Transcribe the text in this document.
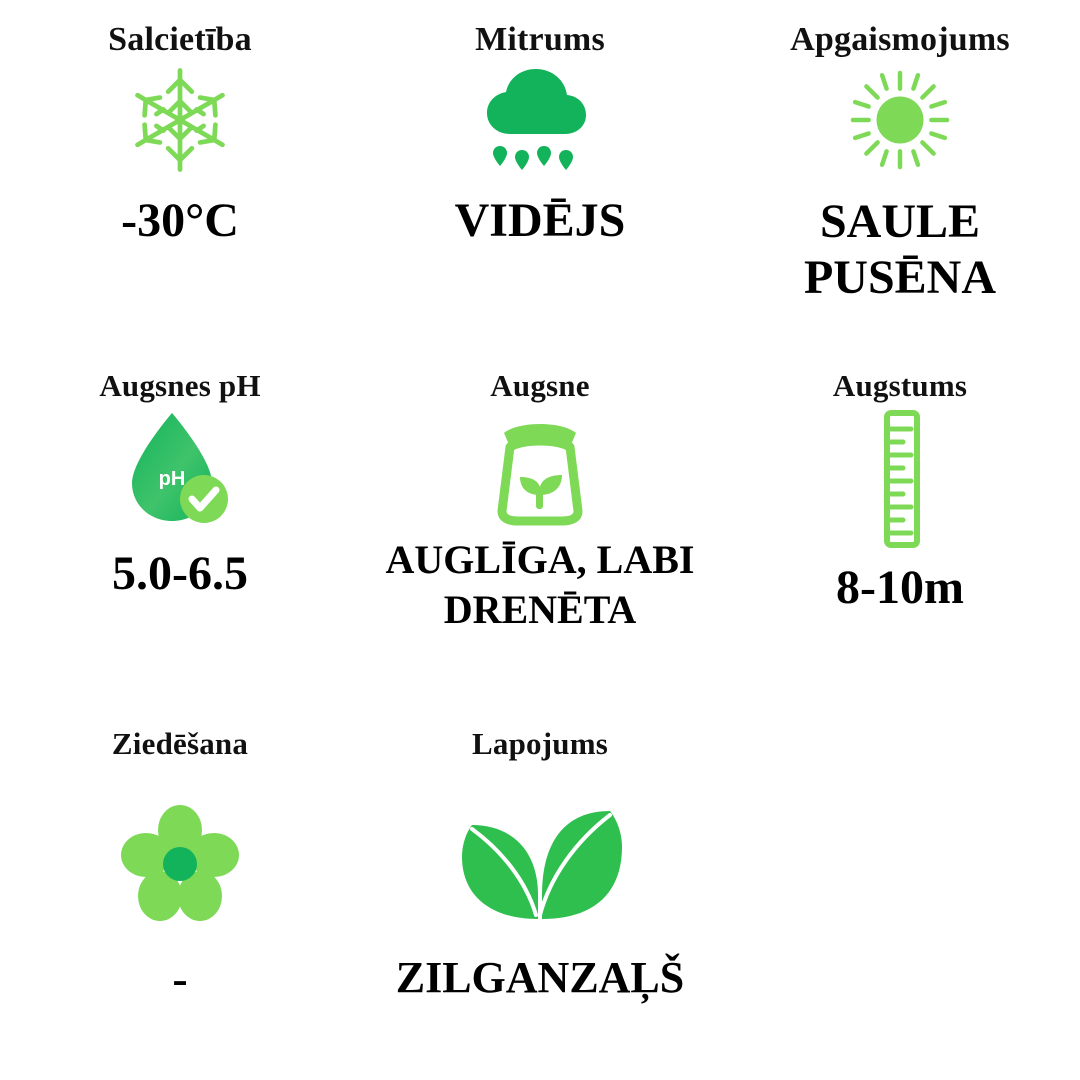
Salcietība
-30°C
Mitrums
VIDĒJS
Apgaismojums
SAULE PUSĒNA
Augsnes pH
pH
5.0-6.5
Augsne
AUGLĪGA, LABI DRENĒTA
Augstums
8-10m
Ziedēšana
-
Lapojums
ZILGANZAĻŠ
